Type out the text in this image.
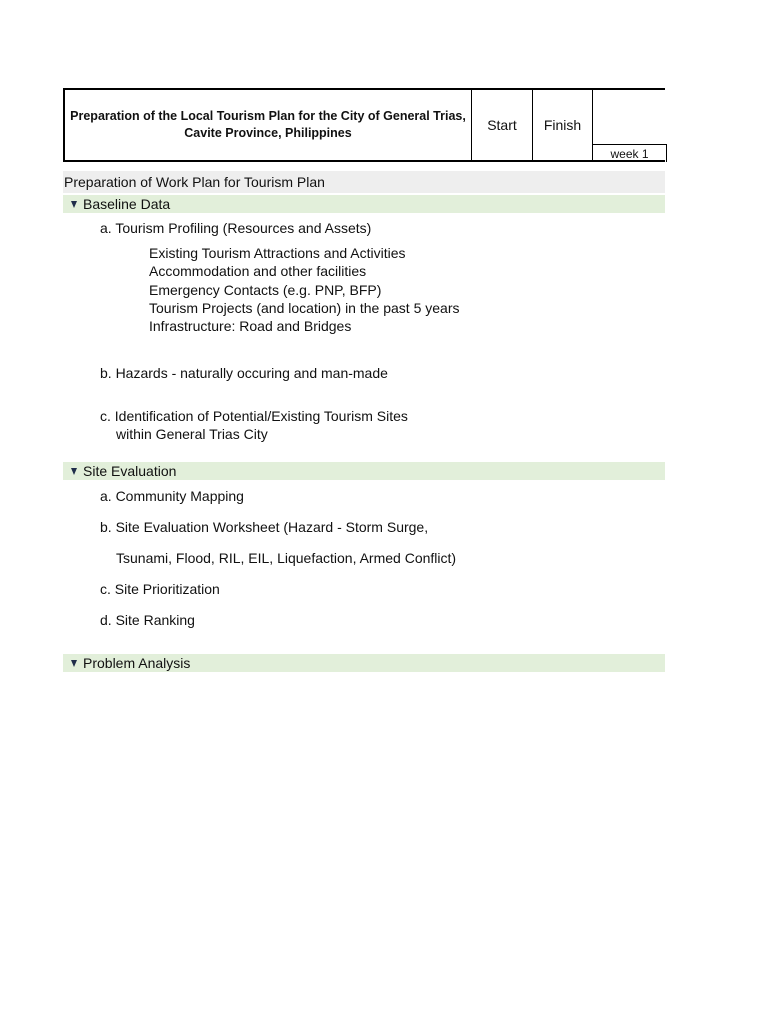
Preparation of the Local Tourism Plan for the City of General Trias, Cavite Province, Philippines	Start	Finish
week 1
Preparation of Work Plan for Tourism Plan
Baseline Data
a. Tourism Profiling (Resources and Assets)
Existing Tourism Attractions and Activities
Accommodation and other facilities
Emergency Contacts (e.g. PNP, BFP)
Tourism Projects (and location) in the past 5 years
Infrastructure: Road and Bridges
b. Hazards - naturally occuring and man-made
c. Identification of Potential/Existing Tourism Sites
within General Trias City
Site Evaluation
a. Community Mapping
b. Site Evaluation Worksheet (Hazard - Storm Surge,
Tsunami, Flood, RIL, EIL, Liquefaction, Armed Conflict)
c. Site Prioritization
d. Site Ranking
Problem Analysis
